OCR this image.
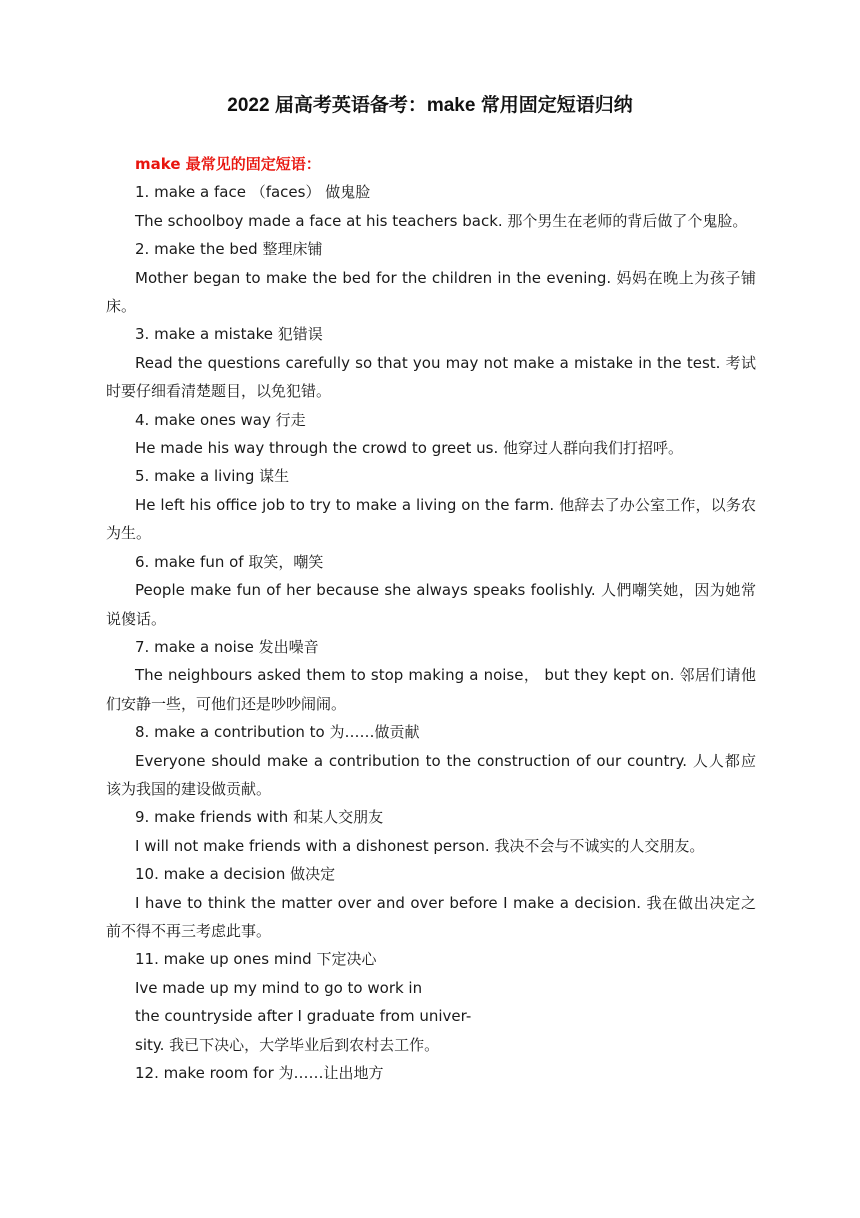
2022 届高考英语备考：make 常用固定短语归纳
make 最常见的固定短语：
1. make a face （faces） 做鬼脸
The schoolboy made a face at his teachers back. 那个男生在老师的背后做了个鬼脸。
2. make the bed 整理床铺
Mother began to make the bed for the children in the evening. 妈妈在晚上为孩子铺床。
3. make a mistake 犯错误
Read the questions carefully so that you may not make a mistake in the test. 考试时要仔细看清楚题目，以免犯错。
4. make ones way 行走
He made his way through the crowd to greet us. 他穿过人群向我们打招呼。
5. make a living 谋生
He left his office job to try to make a living on the farm. 他辞去了办公室工作，以务农为生。
6. make fun of 取笑，嘲笑
People make fun of her because she always speaks foolishly. 人們嘲笑她，因为她常说傻话。
7. make a noise 发出噪音
The neighbours asked them to stop making a noise， but they kept on. 邻居们请他们安静一些，可他们还是吵吵闹闹。
8. make a contribution to 为……做贡献
Everyone should make a contribution to the construction of our country. 人人都应该为我国的建设做贡献。
9. make friends with 和某人交朋友
I will not make friends with a dishonest person. 我决不会与不诚实的人交朋友。
10. make a decision 做决定
I have to think the matter over and over before I make a decision. 我在做出决定之前不得不再三考虑此事。
11. make up ones mind 下定决心
Ive made up my mind to go to work in
the countryside after I graduate from univer-
sity. 我已下决心，大学毕业后到农村去工作。
12. make room for 为……让出地方
